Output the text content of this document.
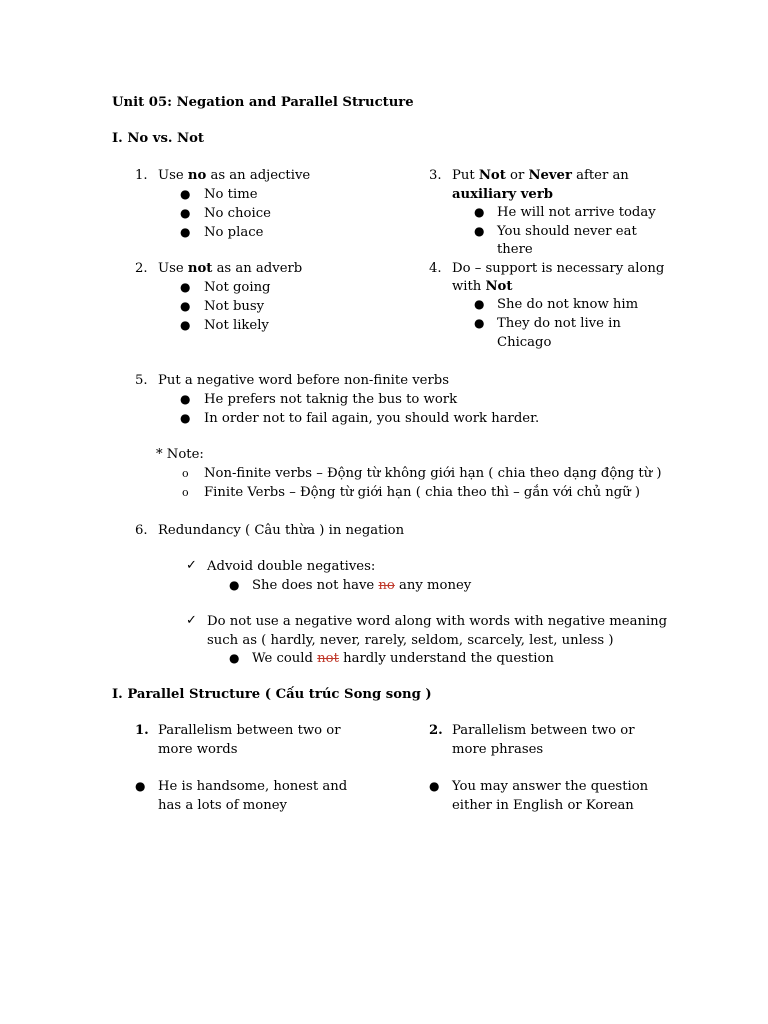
Unit 05: Negation and Parallel Structure
I. No vs. Not
1. Use no as an adjective
● No time
● No choice
● No place
2. Use not as an adverb
● Not going
● Not busy
● Not likely
3. Put Not or Never after an
auxiliary verb
● He will not arrive today
● You should never eat
there
4. Do – support is necessary along
with Not
● She do not know him
● They do not live in
Chicago
5. Put a negative word before non-finite verbs
● He prefers not taknig the bus to work
● In order not to fail again, you should work harder.
* Note:
o Non-finite verbs – Động từ không giới hạn ( chia theo dạng động từ )
o Finite Verbs – Động từ giới hạn ( chia theo thì – gắn với chủ ngữ )
6. Redundancy ( Câu thừa ) in negation
✓ Advoid double negatives:
● She does not have no any money
✓ Do not use a negative word along with words with negative meaning
such as ( hardly, never, rarely, seldom, scarcely, lest, unless )
● We could not hardly understand the question
I. Parallel Structure ( Cấu trúc Song song )
1. Parallelism between two or
more words
● He is handsome, honest and
has a lots of money
2. Parallelism between two or
more phrases
● You may answer the question
either in English or Korean
